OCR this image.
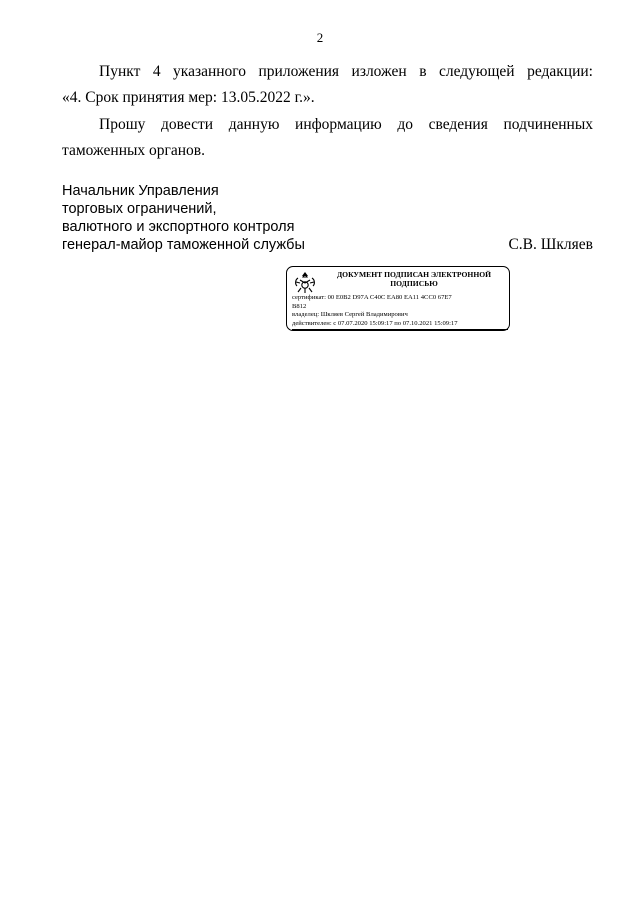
2
Пункт 4 указанного приложения изложен в следующей редакции:
«4. Срок принятия мер: 13.05.2022 г.».
Прошу довести данную информацию до сведения подчиненных
таможенных органов.
Начальник Управления
торговых ограничений,
валютного и экспортного контроля
генерал-майор таможенной службы	С.В. Шкляев
ДОКУМЕНТ ПОДПИСАН ЭЛЕКТРОННОЙ ПОДПИСЬЮ
сертификат: 00 E0B2 D97A C40C EA80 EA11 4CC0 67E7
B812
владелец: Шкляев Сергей Владимирович
действителен: с 07.07.2020 15:09:17 по 07.10.2021 15:09:17
